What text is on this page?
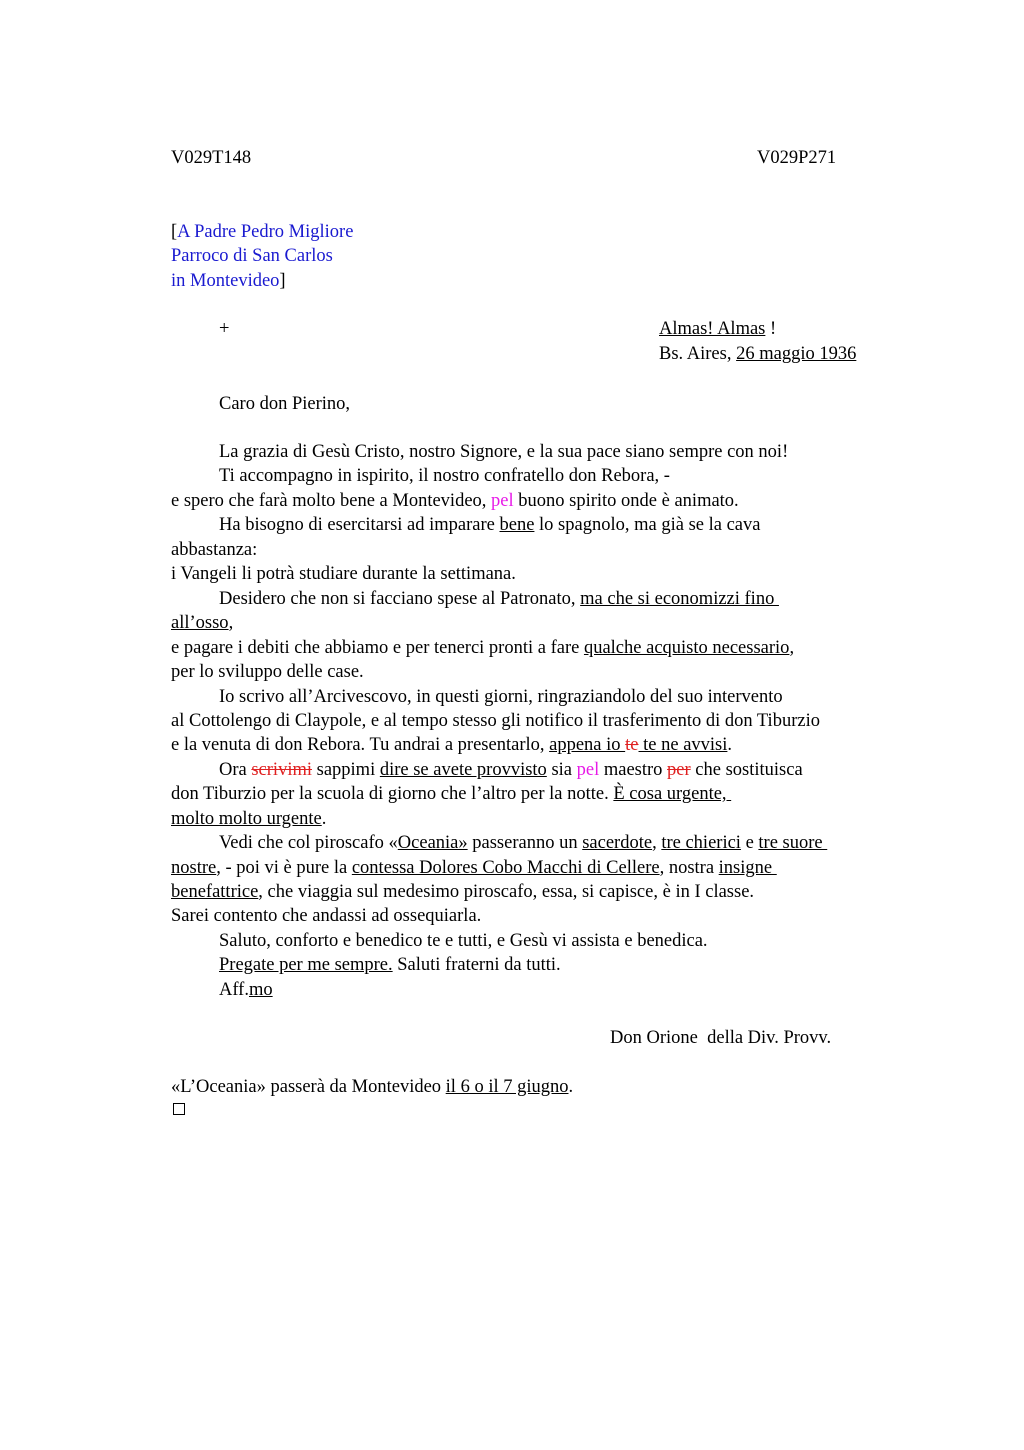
V029T148	V029P271
[A Padre Pedro Migliore
Parroco di San Carlos
in Montevideo]
+	Almas! Almas !
Bs. Aires, 26 maggio 1936
Caro don Pierino,
La grazia di Gesù Cristo, nostro Signore, e la sua pace siano sempre con noi!
Ti accompagno in ispirito, il nostro confratello don Rebora, -
e spero che farà molto bene a Montevideo, pel buono spirito onde è animato.
Ha bisogno di esercitarsi ad imparare bene lo spagnolo, ma già se la cava
abbastanza:
i Vangeli li potrà studiare durante la settimana.
Desidero che non si facciano spese al Patronato, ma che si economizzi fino
all’osso,
e pagare i debiti che abbiamo e per tenerci pronti a fare qualche acquisto necessario,
per lo sviluppo delle case.
Io scrivo all’Arcivescovo, in questi giorni, ringraziandolo del suo intervento
al Cottolengo di Claypole, e al tempo stesso gli notifico il trasferimento di don Tiburzio
e la venuta di don Rebora. Tu andrai a presentarlo, appena io te te ne avvisi.
Ora scrivimi sappimi dire se avete provvisto sia pel maestro per che sostituisca
don Tiburzio per la scuola di giorno che l’altro per la notte. È cosa urgente,
molto molto urgente.
Vedi che col piroscafo «Oceania» passeranno un sacerdote, tre chierici e tre suore
nostre, - poi vi è pure la contessa Dolores Cobo Macchi di Cellere, nostra insigne
benefattrice, che viaggia sul medesimo piroscafo, essa, si capisce, è in I classe.
Sarei contento che andassi ad ossequiarla.
Saluto, conforto e benedico te e tutti, e Gesù vi assista e benedica.
Pregate per me sempre. Saluti fraterni da tutti.
Aff.mo
Don Orione  della Div. Provv.
«L’Oceania» passerà da Montevideo il 6 o il 7 giugno.
